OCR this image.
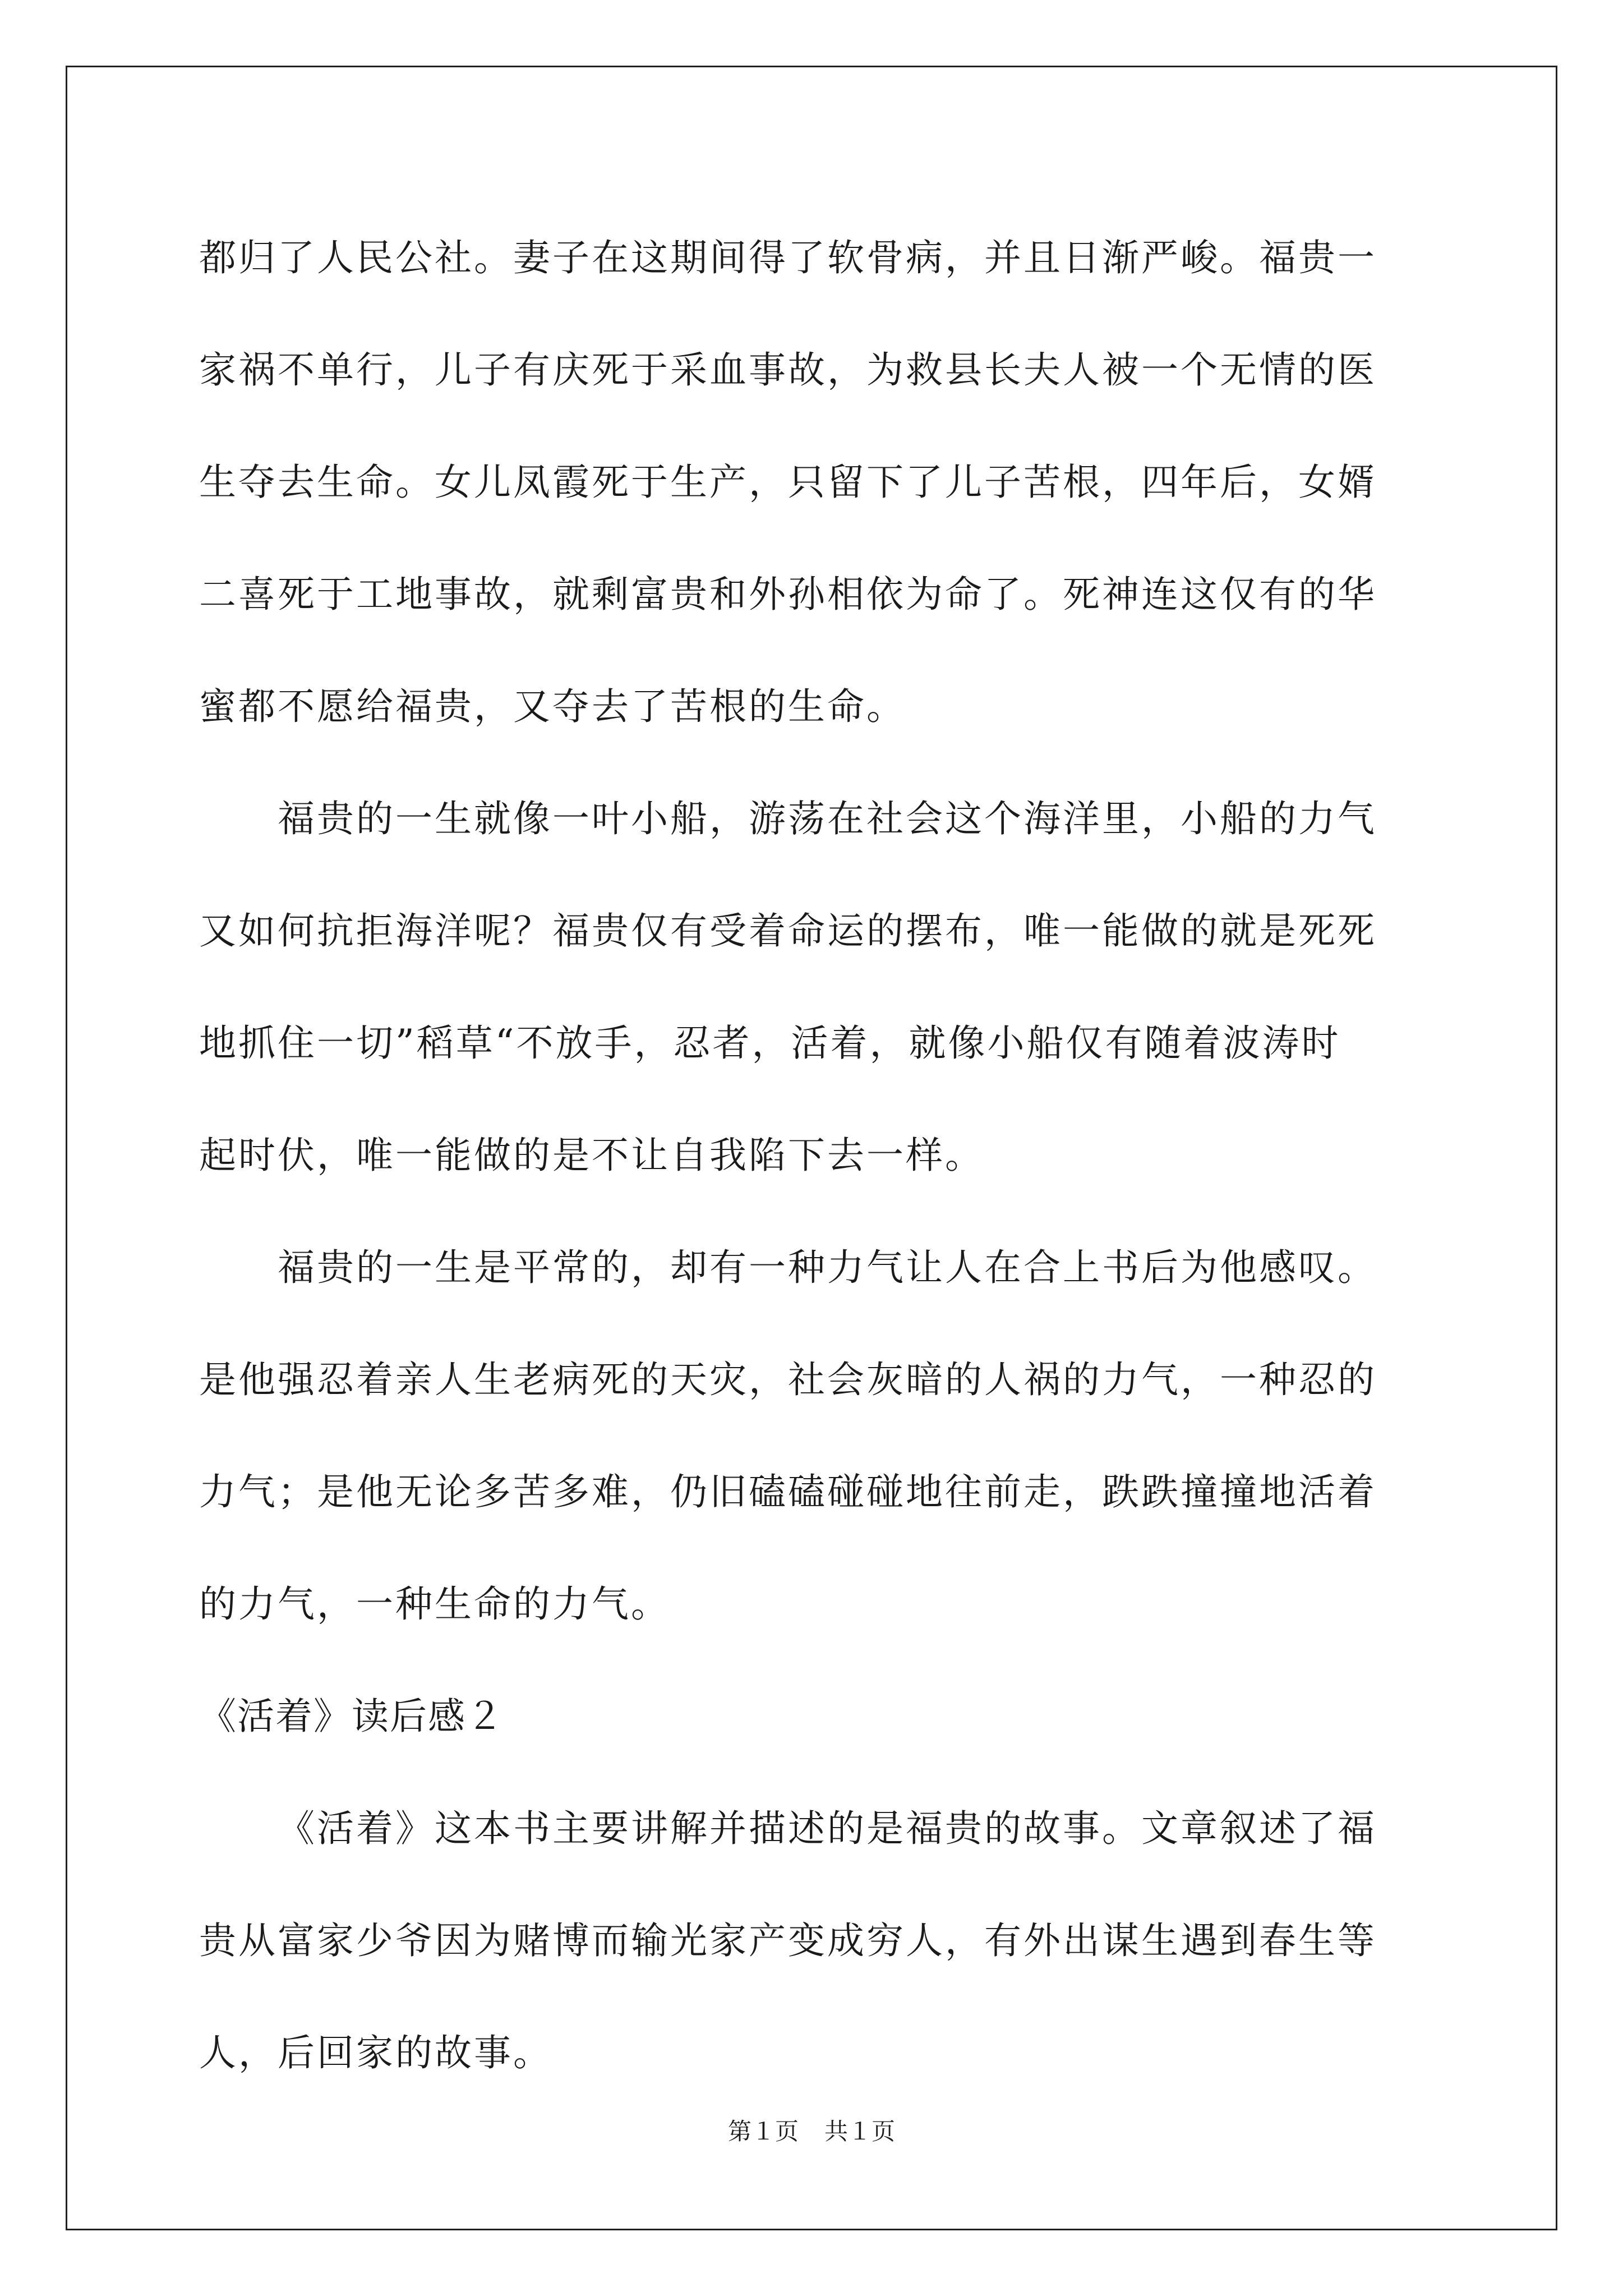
都归了人民公社。妻子在这期间得了软骨病，并且日渐严峻。福贵一
家祸不单行，儿子有庆死于采血事故，为救县长夫人被一个无情的医
生夺去生命。女儿凤霞死于生产，只留下了儿子苦根，四年后，女婿
二喜死于工地事故，就剩富贵和外孙相依为命了。死神连这仅有的华
蜜都不愿给福贵，又夺去了苦根的生命。
福贵的一生就像一叶小船，游荡在社会这个海洋里，小船的力气
又如何抗拒海洋呢？福贵仅有受着命运的摆布，唯一能做的就是死死
地抓住一切”稻草“不放手，忍者，活着，就像小船仅有随着波涛时
起时伏，唯一能做的是不让自我陷下去一样。
福贵的一生是平常的，却有一种力气让人在合上书后为他感叹。
是他强忍着亲人生老病死的天灾，社会灰暗的人祸的力气，一种忍的
力气；是他无论多苦多难，仍旧磕磕碰碰地往前走，跌跌撞撞地活着
的力气，一种生命的力气。
《活着》读后感２
《活着》这本书主要讲解并描述的是福贵的故事。文章叙述了福
贵从富家少爷因为赌博而输光家产变成穷人，有外出谋生遇到春生等
人，后回家的故事。
第１页 共１页
